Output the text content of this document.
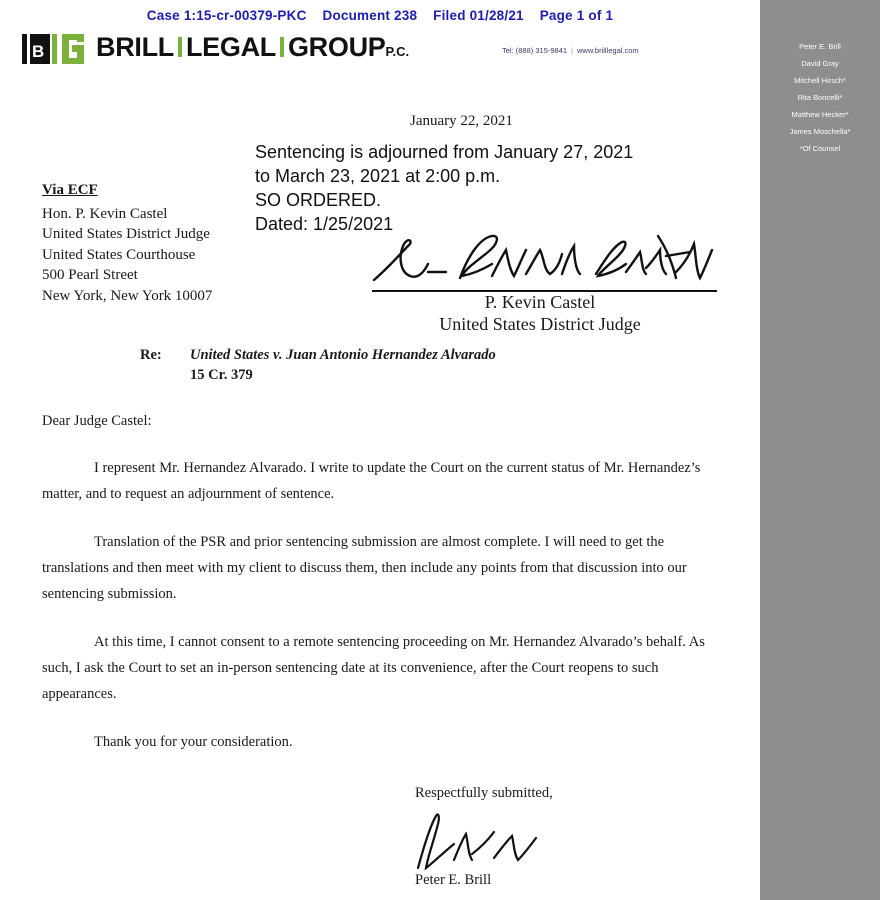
Case 1:15-cr-00379-PKC Document 238 Filed 01/28/21 Page 1 of 1
B BRILL LEGAL GROUPP.C.	Tel: (888) 315-9841 | www.brilllegal.com
January 22, 2021
Via ECF
Hon. P. Kevin Castel
United States District Judge
United States Courthouse
500 Pearl Street
New York, New York 10007
Sentencing is adjourned from January 27, 2021
to March 23, 2021 at 2:00 p.m.
SO ORDERED.
Dated: 1/25/2021
P. Kevin Castel
United States District Judge
Re: United States v. Juan Antonio Hernandez Alvarado
15 Cr. 379
Dear Judge Castel:

I represent Mr. Hernandez Alvarado. I write to update the Court on the current status of Mr. Hernandez’s matter, and to request an adjournment of sentence.

Translation of the PSR and prior sentencing submission are almost complete. I will need to get the translations and then meet with my client to discuss them, then include any points from that discussion into our sentencing submission.

At this time, I cannot consent to a remote sentencing proceeding on Mr. Hernandez Alvarado’s behalf. As such, I ask the Court to set an in-person sentencing date at its convenience, after the Court reopens to such appearances.

Thank you for your consideration.

Respectfully submitted,
Peter E. Brill
Peter E. Brill
David Gray
Mitchell Hirsch*
Rita Boncelli*
Matthew Hecker*
James Moschella*
*Of Counsel
